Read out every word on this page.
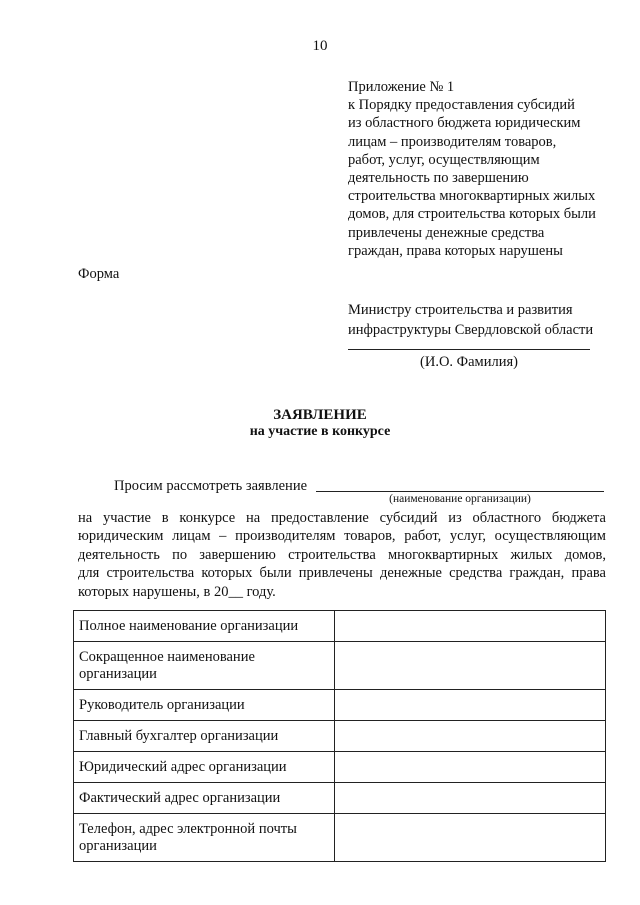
10
Приложение № 1
к Порядку предоставления субсидий
из областного бюджета юридическим
лицам – производителям товаров,
работ, услуг, осуществляющим
деятельность по завершению
строительства многоквартирных жилых
домов, для строительства которых были
привлечены денежные средства
граждан, права которых нарушены
Форма
Министру строительства и развития
инфраструктуры Свердловской области
(И.О. Фамилия)
ЗАЯВЛЕНИЕ
на участие в конкурсе
Просим рассмотреть заявление
(наименование организации)
на участие в конкурсе на предоставление субсидий из областного бюджета
юридическим лицам – производителям товаров, работ, услуг, осуществляющим
деятельность по завершению строительства многоквартирных жилых домов,
для строительства которых были привлечены денежные средства граждан, права
которых нарушены, в 20__ году.
Полное наименование организации	
Сокращенное наименование организации	
Руководитель организации	
Главный бухгалтер организации	
Юридический адрес организации	
Фактический адрес организации	
Телефон, адрес электронной почты организации	
